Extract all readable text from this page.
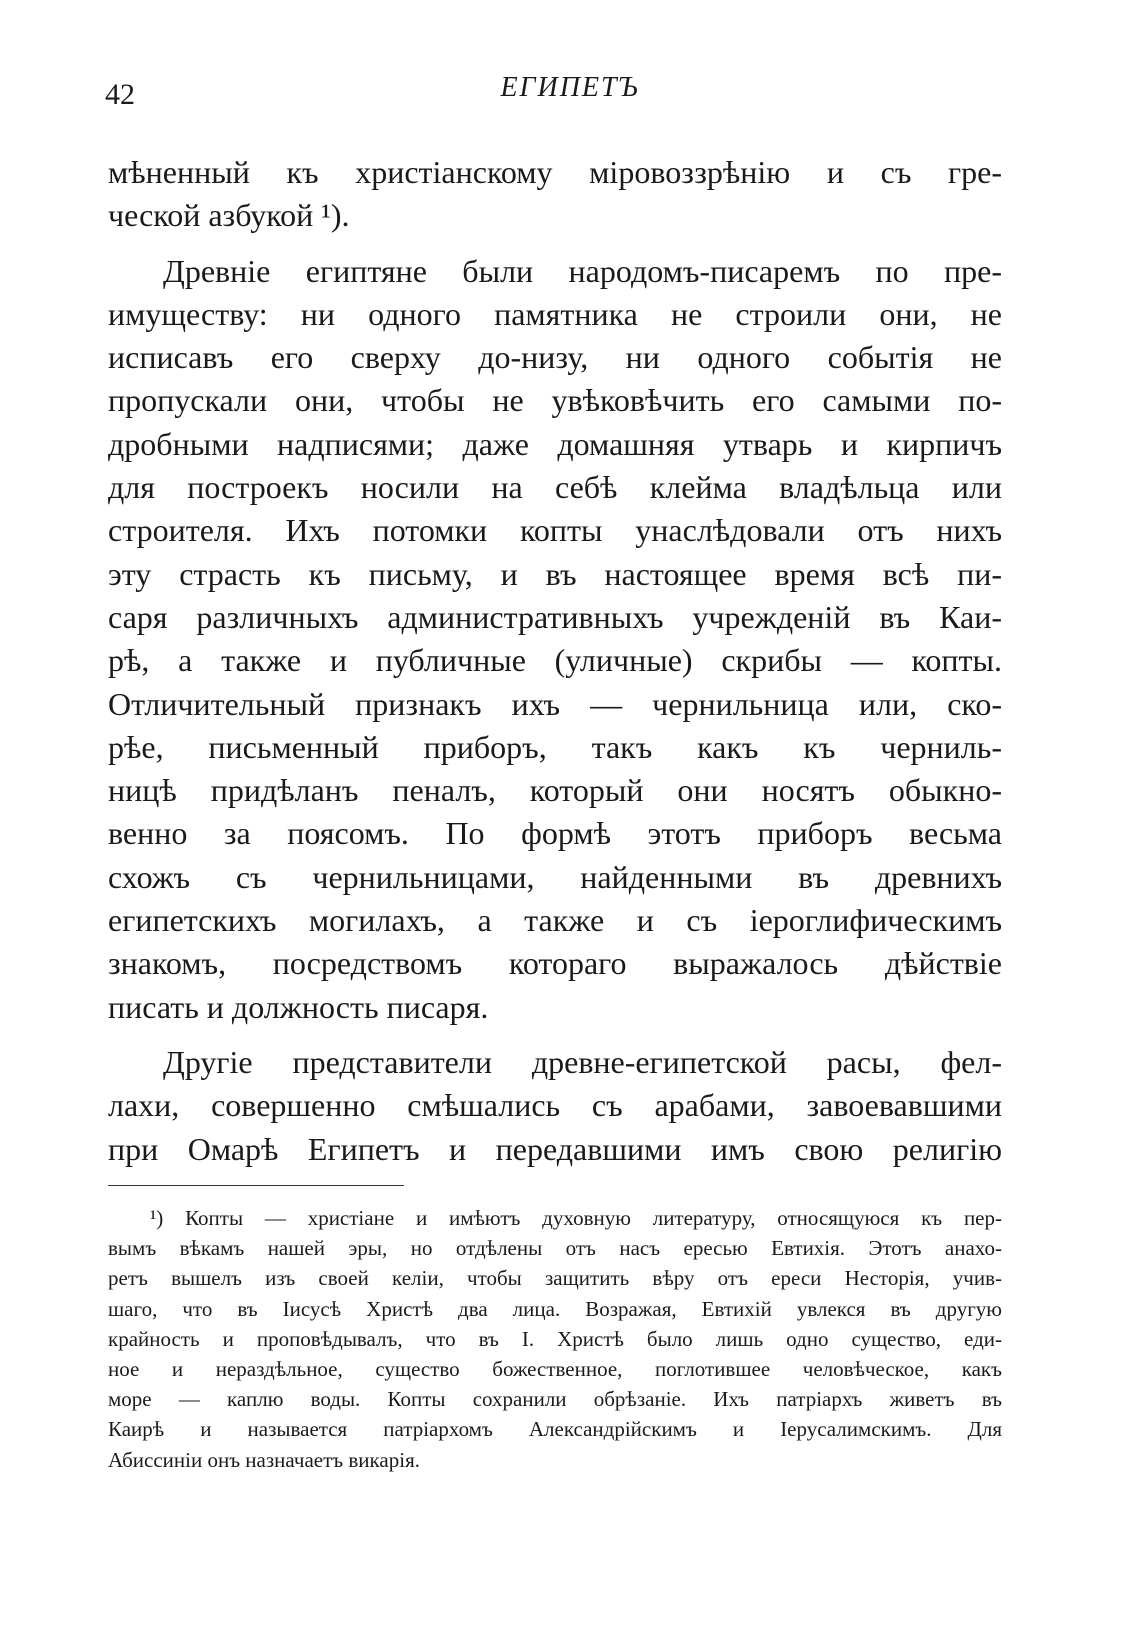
42	ЕГИПЕТЪ
мѣненный къ христіанскому міровоззрѣнію и съ гре-
ческой азбукой ¹).
Древніе египтяне были народомъ-писаремъ по пре-
имуществу: ни одного памятника не строили они, не
исписавъ его сверху до-низу, ни одного событія не
пропускали они, чтобы не увѣковѣчить его самыми по-
дробными надписями; даже домашняя утварь и кирпичъ
для построекъ носили на себѣ клейма владѣльца или
строителя. Ихъ потомки копты унаслѣдовали отъ нихъ
эту страсть къ письму, и въ настоящее время всѣ пи-
саря различныхъ административныхъ учрежденій въ Каи-
рѣ, а также и публичные (уличные) скрибы — копты.
Отличительный признакъ ихъ — чернильница или, ско-
рѣе, письменный приборъ, такъ какъ къ черниль-
ницѣ придѣланъ пеналъ, который они носятъ обыкно-
венно за поясомъ. По формѣ этотъ приборъ весьма
схожъ съ чернильницами, найденными въ древнихъ
египетскихъ могилахъ, а также и съ іероглифическимъ
знакомъ, посредствомъ котораго выражалось дѣйствіе
писать и должность писаря.
Другіе представители древне-египетской расы, фел-
лахи, совершенно смѣшались съ арабами, завоевавшими
при Омарѣ Египетъ и передавшими имъ свою религію
¹) Копты — христіане и имѣютъ духовную литературу, относящуюся къ пер-
вымъ вѣкамъ нашей эры, но отдѣлены отъ насъ ересью Евтихія. Этотъ анахо-
ретъ вышелъ изъ своей келіи, чтобы защитить вѣру отъ ереси Несторія, учив-
шаго, что въ Іисусѣ Христѣ два лица. Возражая, Евтихій увлекся въ другую
крайность и проповѣдывалъ, что въ І. Христѣ было лишь одно существо, еди-
ное и нераздѣльное, существо божественное, поглотившее человѣческое, какъ
море — каплю воды. Копты сохранили обрѣзаніе. Ихъ патріархъ живетъ въ
Каирѣ и называется патріархомъ Александрійскимъ и Іерусалимскимъ. Для
Абиссиніи онъ назначаетъ викарія.
